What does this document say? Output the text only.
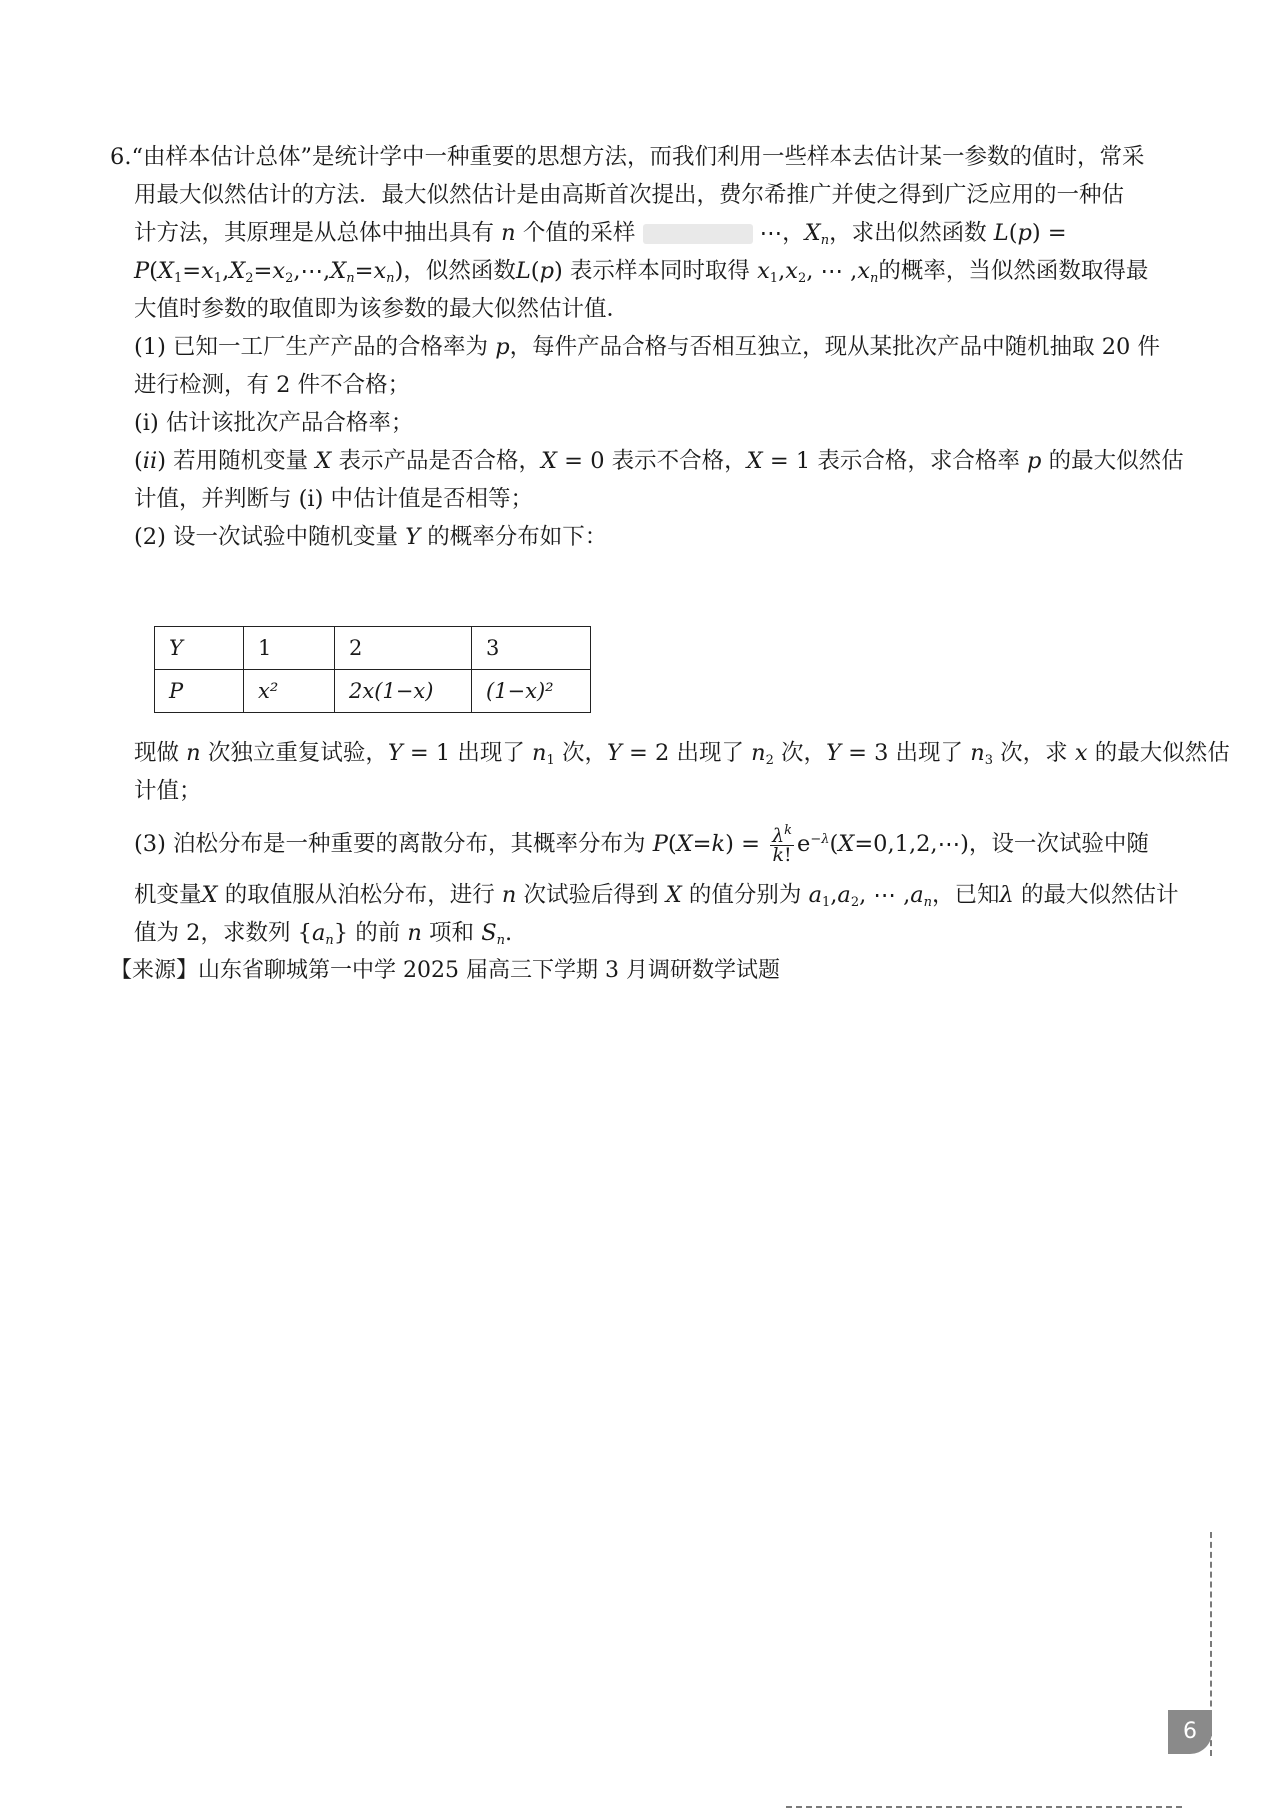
6.“由样本估计总体”是统计学中一种重要的思想方法，而我们利用一些样本去估计某一参数的值时，常采
用最大似然估计的方法．最大似然估计是由高斯首次提出，费尔希推广并使之得到广泛应用的一种估
计方法，其原理是从总体中抽出具有 n 个值的采样	⋯，$X_n$，求出似然函数 L(p) =
$P(X_1=x_1,X_2=x_2,\cdots,X_n=x_n)$，似然函数L(p) 表示样本同时取得 $x_1,x_2$, ⋯ $,x_n$的概率，当似然函数取得最
大值时参数的取值即为该参数的最大似然估计值．
(1) 已知一工厂生产产品的合格率为 p，每件产品合格与否相互独立，现从某批次产品中随机抽取 20 件
进行检测，有 2 件不合格；
(i) 估计该批次产品合格率；
(ii) 若用随机变量 X 表示产品是否合格，X = 0 表示不合格，X = 1 表示合格，求合格率 p 的最大似然估
计值，并判断与 (i) 中估计值是否相等；
(2) 设一次试验中随机变量 Y 的概率分布如下：
Y	1	2	3
P	x²	2x(1−x)	(1−x)²
现做 n 次独立重复试验，Y = 1 出现了 $n_1$ 次，Y = 2 出现了 $n_2$ 次，Y = 3 出现了 $n_3$ 次，求 x 的最大似然估
计值；
(3) 泊松分布是一种重要的离散分布，其概率分布为 $P(X=k) = \frac{\lambda^k}{k!}$ $e^{-\lambda}(X=0,1,2,\cdots)$，设一次试验中随
机变量X 的取值服从泊松分布，进行 n 次试验后得到 X 的值分别为 $a_1,a_2$, ⋯ $,a_n$，已知λ 的最大似然估计
值为 2，求数列 $\{a_n\}$ 的前 n 项和 $S_n$.
【来源】山东省聊城第一中学 2025 届高三下学期 3 月调研数学试题
6
